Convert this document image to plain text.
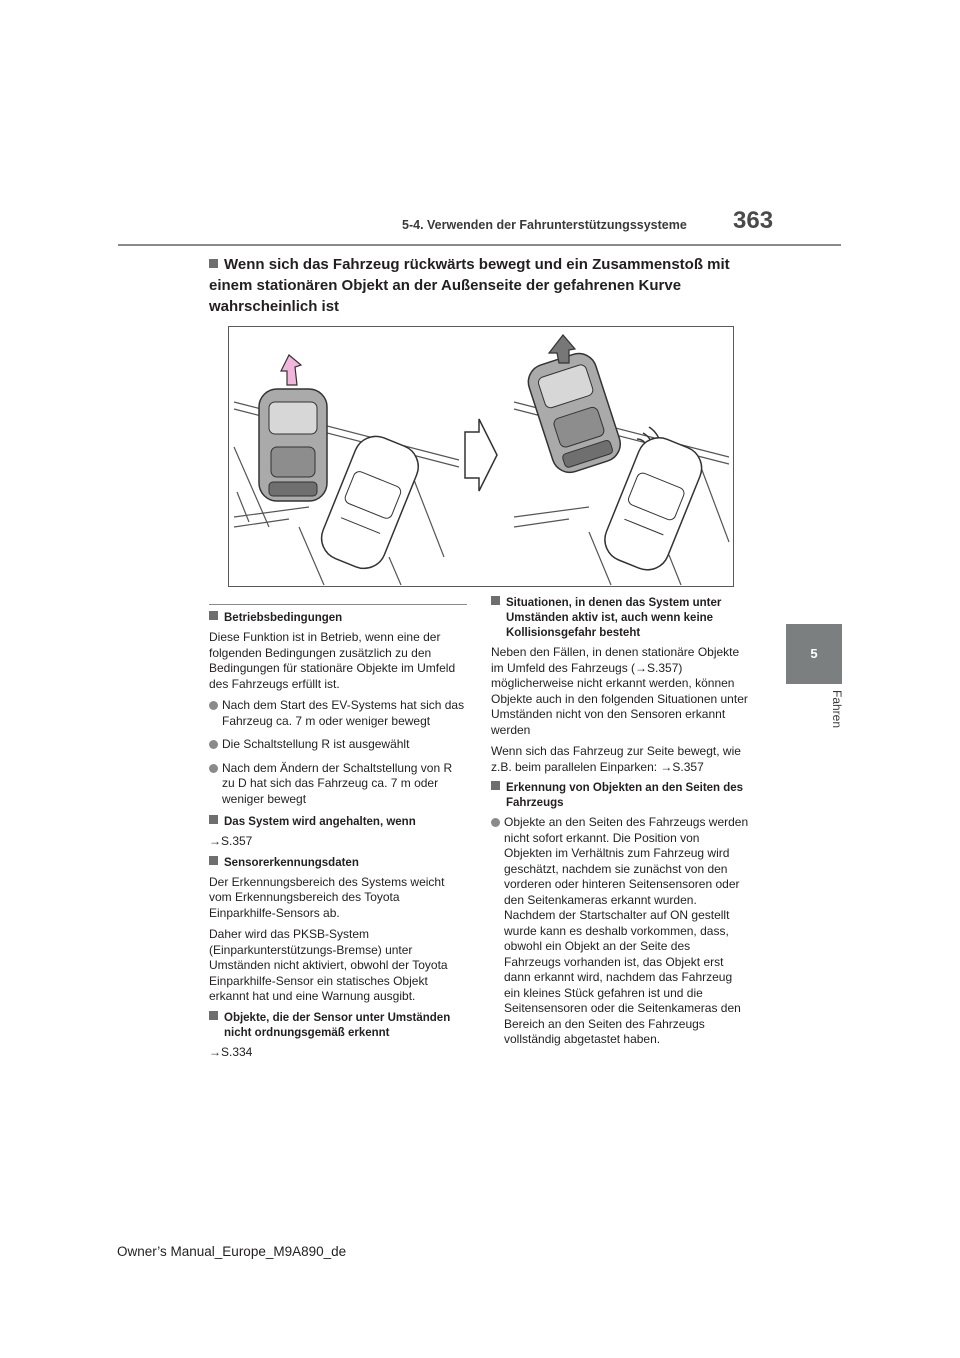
5-4. Verwenden der Fahrunterstützungssysteme	363
5
Fahren
Wenn sich das Fahrzeug rückwärts bewegt und ein Zusammenstoß mit einem stationären Objekt an der Außenseite der gefahrenen Kurve wahrscheinlich ist
Betriebsbedingungen

Diese Funktion ist in Betrieb, wenn eine der folgenden Bedingungen zusätzlich zu den Bedingungen für stationäre Objekte im Umfeld des Fahrzeugs erfüllt ist.

Nach dem Start des EV-Systems hat sich das Fahrzeug ca. 7 m oder weniger bewegt
Die Schaltstellung R ist ausgewählt
Nach dem Ändern der Schaltstellung von R zu D hat sich das Fahrzeug ca. 7 m oder weniger bewegt
Das System wird angehalten, wenn

→S.357

Sensorerkennungsdaten

Der Erkennungsbereich des Systems weicht vom Erkennungsbereich des Toyota Einparkhilfe-Sensors ab.

Daher wird das PKSB-System (Einparkunterstützungs-Bremse) unter Umständen nicht aktiviert, obwohl der Toyota Einparkhilfe-Sensor ein statisches Objekt erkannt hat und eine Warnung ausgibt.

Objekte, die der Sensor unter Umständen nicht ordnungsgemäß erkennt

→S.334

Situationen, in denen das System unter Umständen aktiv ist, auch wenn keine Kollisionsgefahr besteht

Neben den Fällen, in denen stationäre Objekte im Umfeld des Fahrzeugs (→S.357) möglicherweise nicht erkannt werden, können Objekte auch in den folgenden Situationen unter Umständen nicht von den Sensoren erkannt werden

Wenn sich das Fahrzeug zur Seite bewegt, wie z.B. beim parallelen Einparken: →S.357

Erkennung von Objekten an den Seiten des Fahrzeugs
Objekte an den Seiten des Fahrzeugs werden nicht sofort erkannt. Die Position von Objekten im Verhältnis zum Fahrzeug wird geschätzt, nachdem sie zunächst von den vorderen oder hinteren Seitensensoren oder den Seitenkameras erkannt wurden. Nachdem der Startschalter auf ON gestellt wurde kann es deshalb vorkommen, dass, obwohl ein Objekt an der Seite des Fahrzeugs vorhanden ist, das Objekt erst dann erkannt wird, nachdem das Fahrzeug ein kleines Stück gefahren ist und die Seitensensoren oder die Seitenkameras den Bereich an den Seiten des Fahrzeugs vollständig abgetastet haben.
Owner’s Manual_Europe_M9A890_de
